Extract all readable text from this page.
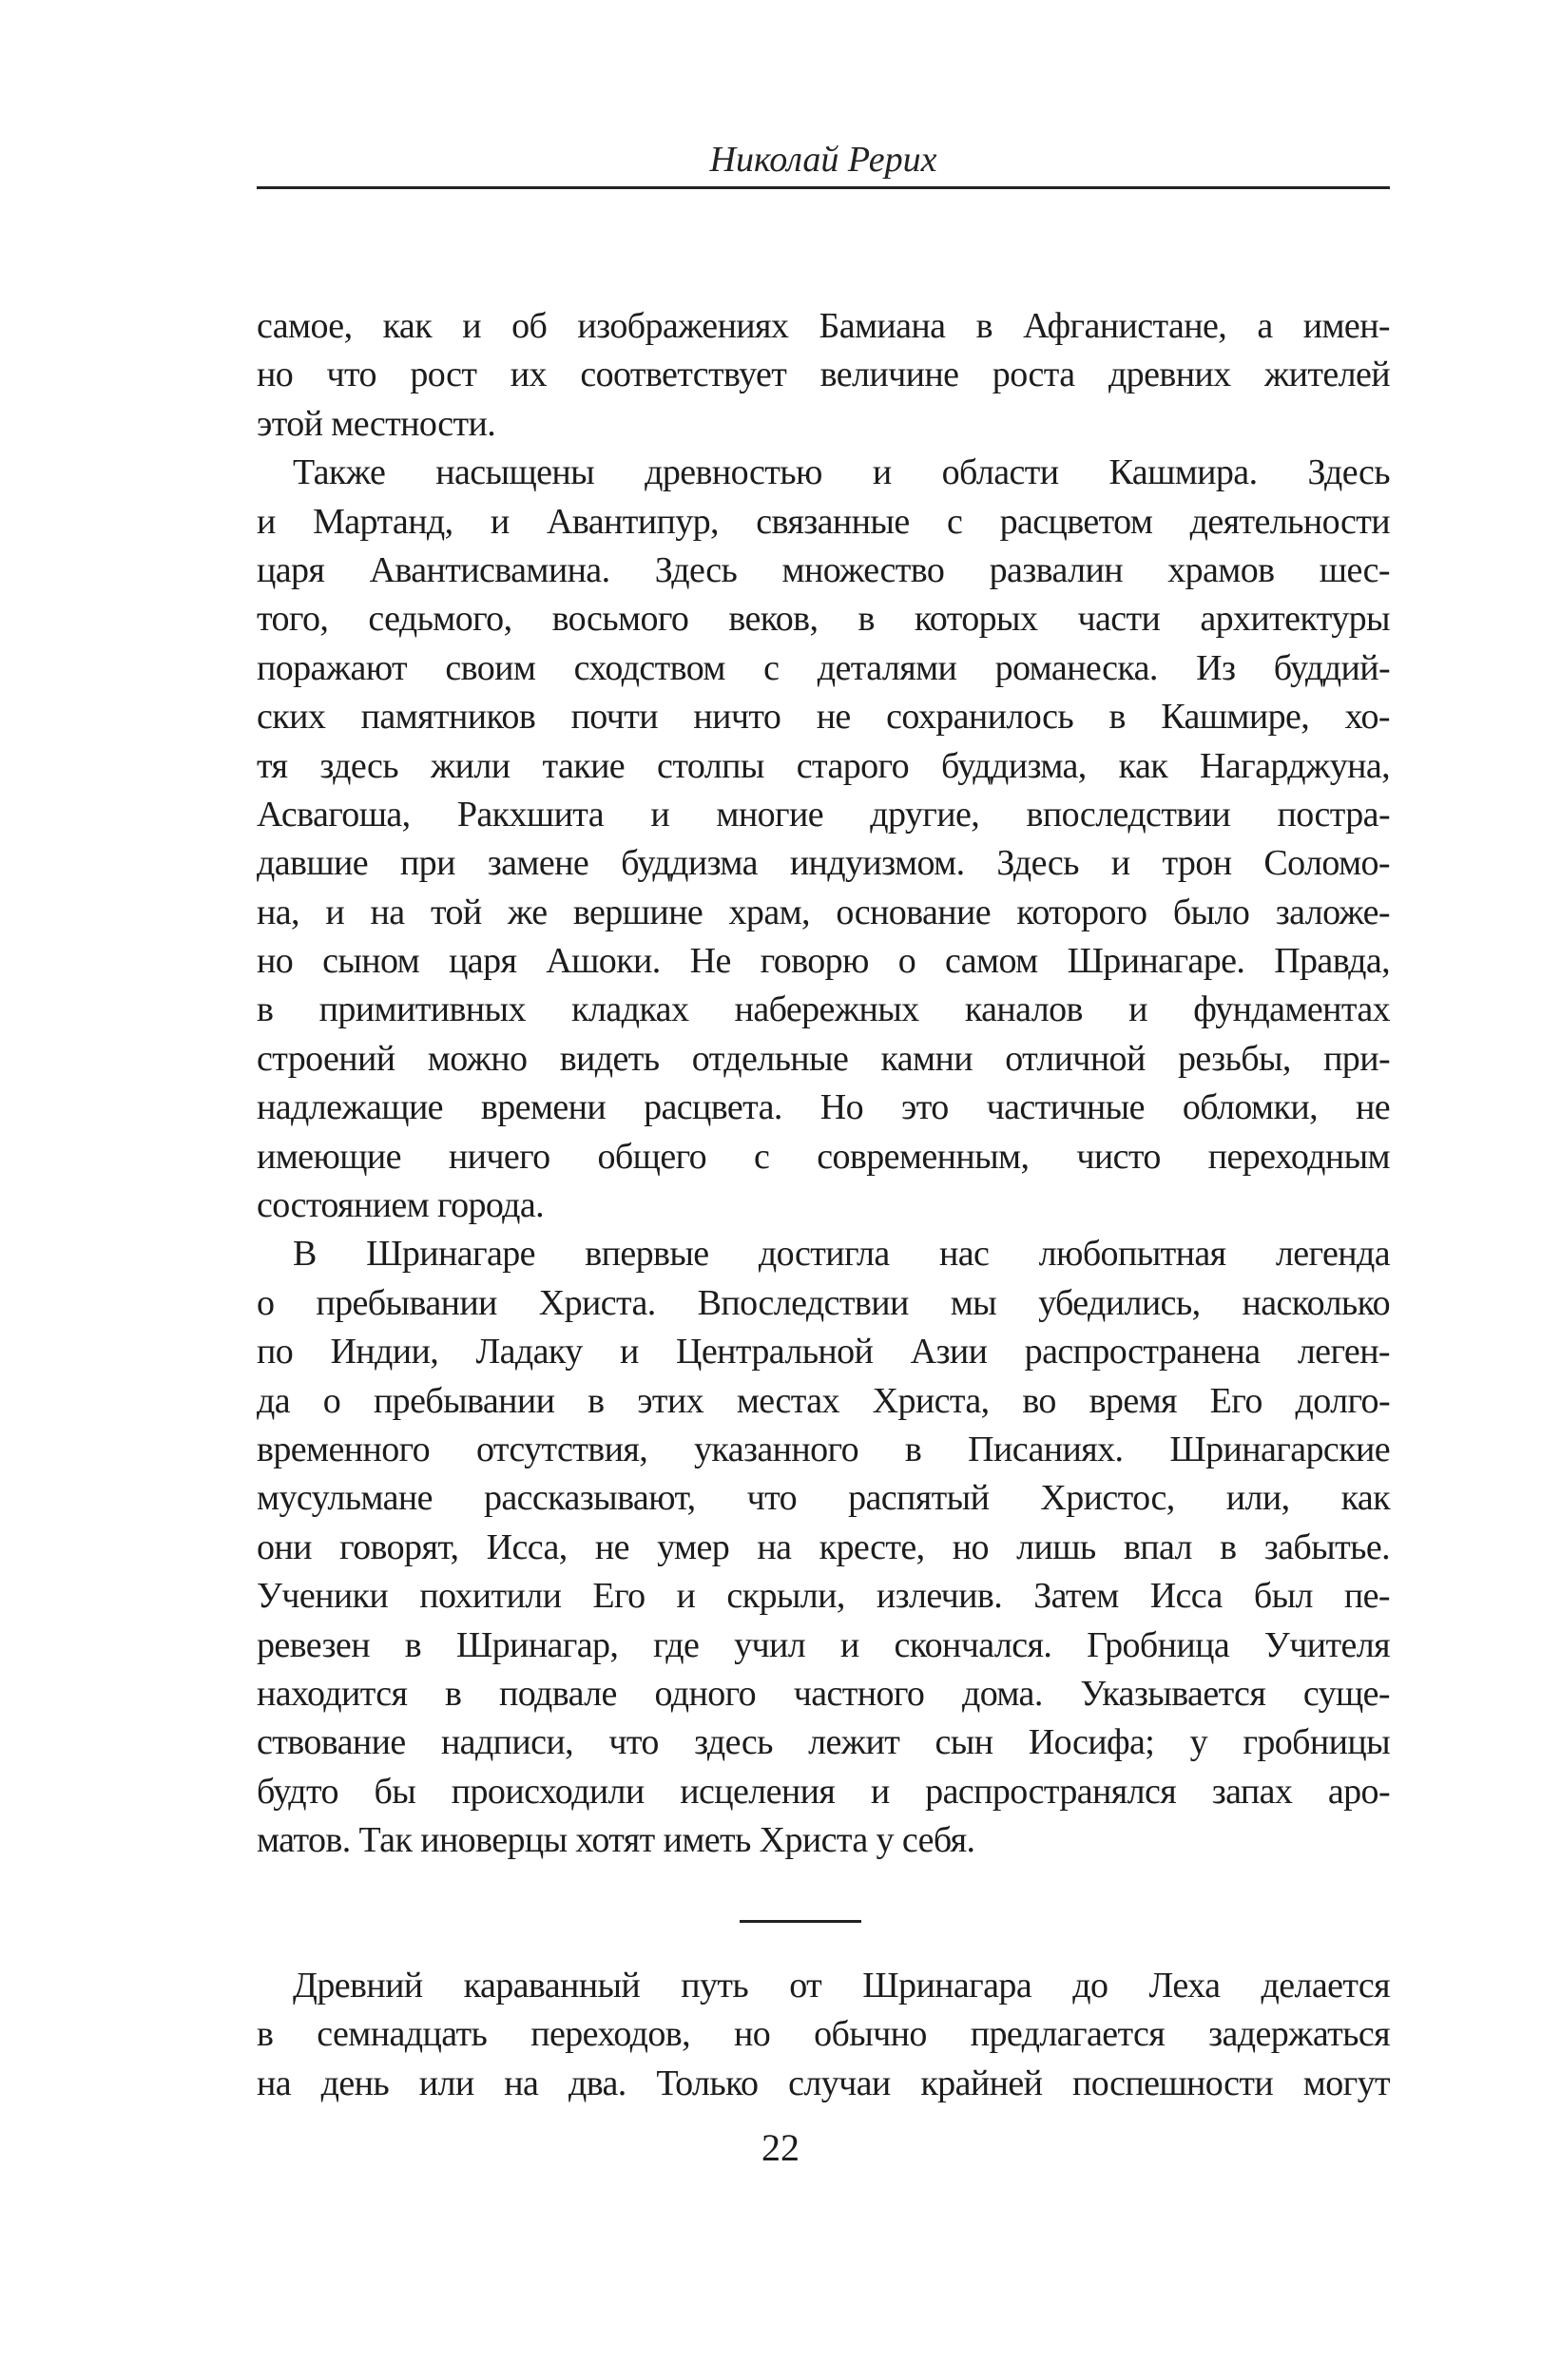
Николай Рерих
самое, как и об изображениях Бамиана в Афганистане, а имен-
но что рост их соответствует величине роста древних жителей
этой местности.
Также насыщены древностью и области Кашмира. Здесь
и Мартанд, и Авантипур, связанные с расцветом деятельности
царя Авантисвамина. Здесь множество развалин храмов шес-
того, седьмого, восьмого веков, в которых части архитектуры
поражают своим сходством с деталями романеска. Из буддий-
ских памятников почти ничто не сохранилось в Кашмире, хо-
тя здесь жили такие столпы старого буддизма, как Нагарджуна,
Асвагоша, Ракхшита и многие другие, впоследствии постра-
давшие при замене буддизма индуизмом. Здесь и трон Соломо-
на, и на той же вершине храм, основание которого было заложе-
но сыном царя Ашоки. Не говорю о самом Шринагаре. Правда,
в примитивных кладках набережных каналов и фундаментах
строений можно видеть отдельные камни отличной резьбы, при-
надлежащие времени расцвета. Но это частичные обломки, не
имеющие ничего общего с современным, чисто переходным
состоянием города.
В Шринагаре впервые достигла нас любопытная легенда
о пребывании Христа. Впоследствии мы убедились, насколько
по Индии, Ладаку и Центральной Азии распространена леген-
да о пребывании в этих местах Христа, во время Его долго-
временного отсутствия, указанного в Писаниях. Шринагарские
мусульмане рассказывают, что распятый Христос, или, как
они говорят, Исса, не умер на кресте, но лишь впал в забытье.
Ученики похитили Его и скрыли, излечив. Затем Исса был пе-
ревезен в Шринагар, где учил и скончался. Гробница Учителя
находится в подвале одного частного дома. Указывается суще-
ствование надписи, что здесь лежит сын Иосифа; у гробницы
будто бы происходили исцеления и распространялся запах аро-
матов. Так иноверцы хотят иметь Христа у себя.
Древний караванный путь от Шринагара до Леха делается
в семнадцать переходов, но обычно предлагается задержаться
на день или на два. Только случаи крайней поспешности могут
22
